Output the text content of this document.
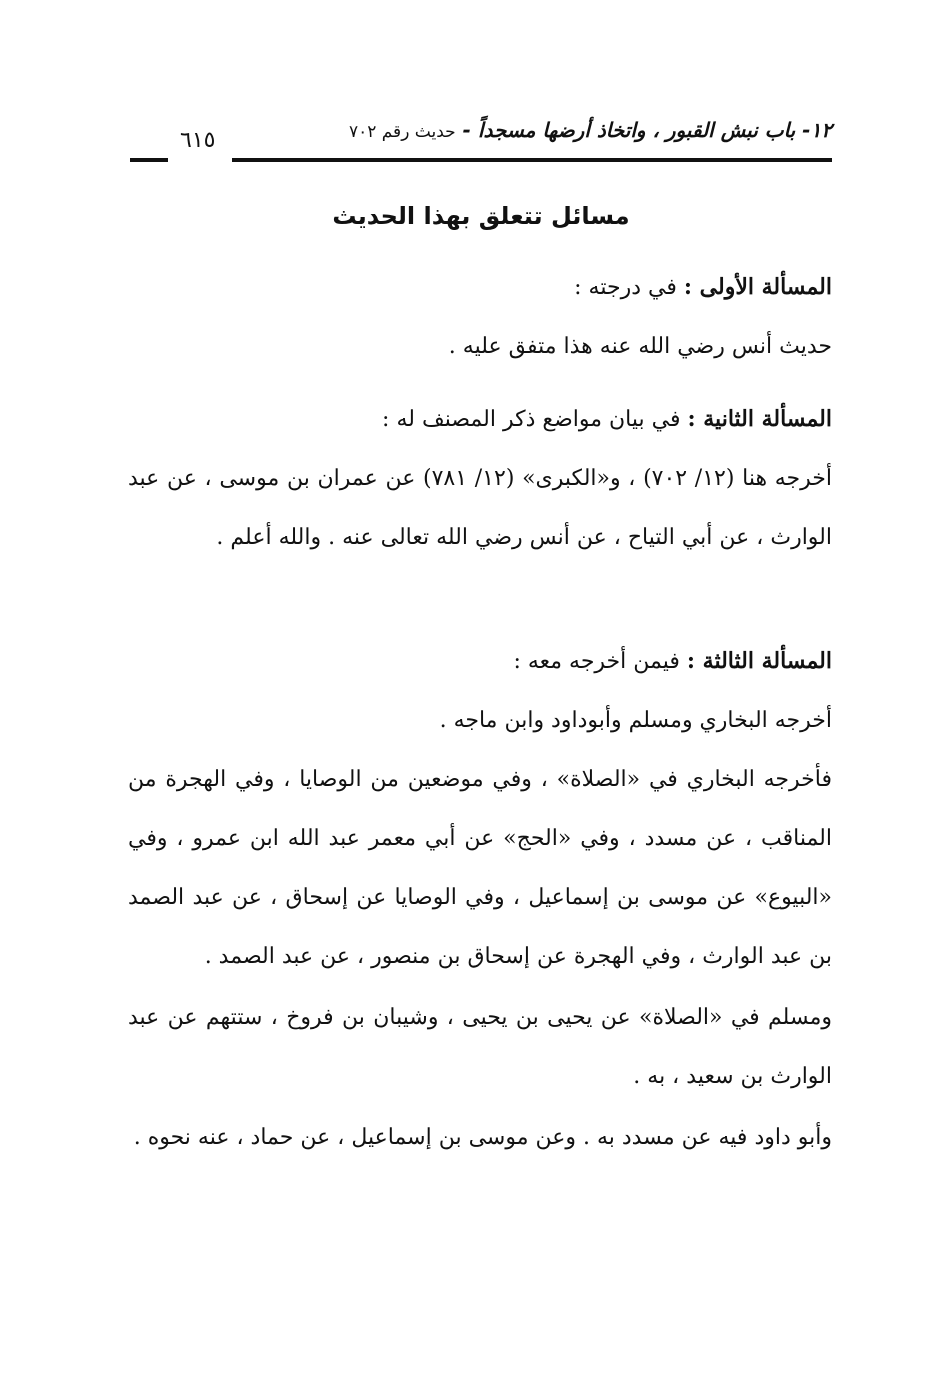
١٢- باب نبش القبور ، واتخاذ أرضها مسجداً - حديث رقم ٧٠٢
٦١٥
مسائل تتعلق بهذا الحديث

المسألة الأولى : في درجته :

حديث أنس رضي الله عنه هذا متفق عليه .

المسألة الثانية : في بيان مواضع ذكر المصنف له :

أخرجه هنا (١٢/ ٧٠٢) ، و«الكبرى» (١٢/ ٧٨١) عن عمران بن موسى ، عن عبد الوارث ، عن أبي التياح ، عن أنس رضي الله تعالى عنه . والله أعلم .

المسألة الثالثة : فيمن أخرجه معه :

أخرجه البخاري ومسلم وأبوداود وابن ماجه .

فأخرجه البخاري في «الصلاة» ، وفي موضعين من الوصايا ، وفي الهجرة من المناقب ، عن مسدد ، وفي «الحج» عن أبي معمر عبد الله ابن عمرو ، وفي «البيوع» عن موسى بن إسماعيل ، وفي الوصايا عن إسحاق ، عن عبد الصمد بن عبد الوارث ، وفي الهجرة عن إسحاق بن منصور ، عن عبد الصمد .

ومسلم في «الصلاة» عن يحيى بن يحيى ، وشيبان بن فروخ ، ستتهم عن عبد الوارث بن سعيد ، به .

وأبو داود فيه عن مسدد به . وعن موسى بن إسماعيل ، عن حماد ، عنه نحوه .
